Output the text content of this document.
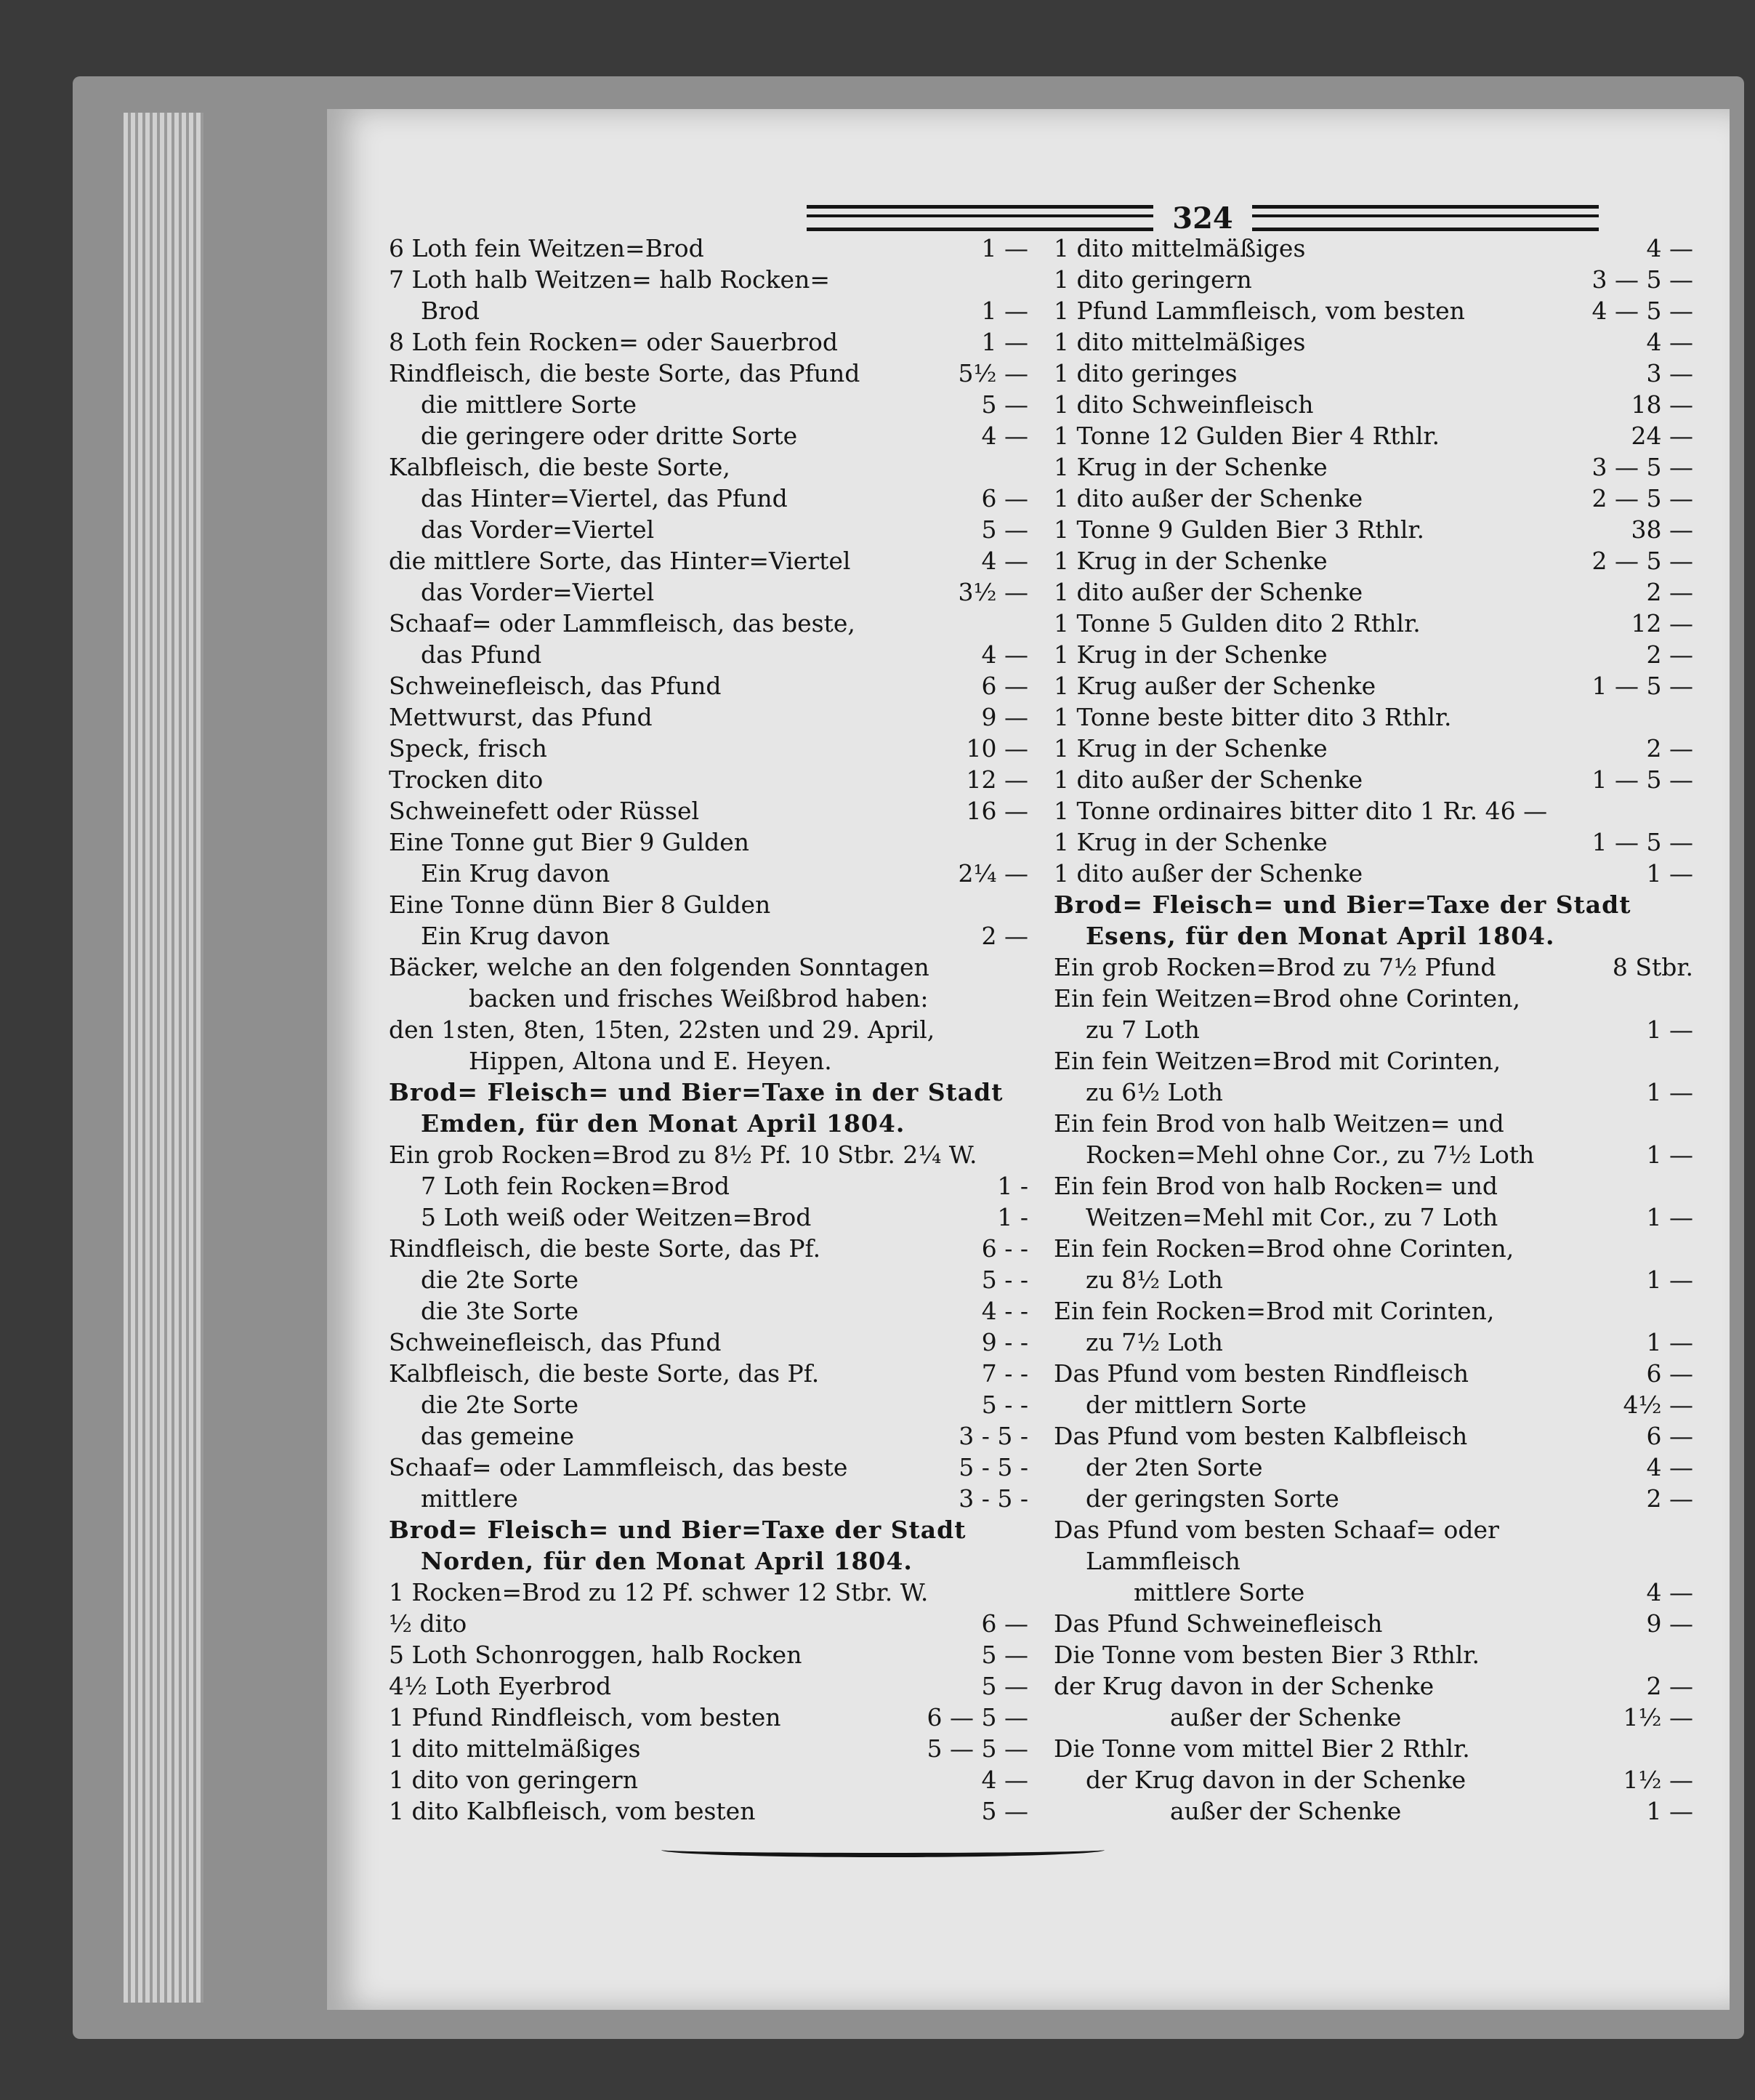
324
6 Loth fein Weitzen=Brod	1 —
7 Loth halb Weitzen= halb Rocken=
Brod	1 —
8 Loth fein Rocken= oder Sauerbrod	1 —
Rindfleisch, die beste Sorte, das Pfund	5½ —
die mittlere Sorte	5 —
die geringere oder dritte Sorte	4 —
Kalbfleisch, die beste Sorte,
das Hinter=Viertel, das Pfund	6 —
das Vorder=Viertel	5 —
die mittlere Sorte, das Hinter=Viertel	4 —
das Vorder=Viertel	3½ —
Schaaf= oder Lammfleisch, das beste,
das Pfund	4 —
Schweinefleisch, das Pfund	6 —
Mettwurst, das Pfund	9 —
Speck, frisch	10 —
Trocken dito	12 —
Schweinefett oder Rüssel	16 —
Eine Tonne gut Bier 9 Gulden
Ein Krug davon	2¼ —
Eine Tonne dünn Bier 8 Gulden
Ein Krug davon	2 —
Bäcker, welche an den folgenden Sonntagen
backen und frisches Weißbrod haben:
den 1sten, 8ten, 15ten, 22sten und 29. April,
Hippen, Altona und E. Heyen.
Brod= Fleisch= und Bier=Taxe in der Stadt
Emden, für den Monat April 1804.
Ein grob Rocken=Brod zu 8½ Pf. 10 Stbr. 2¼ W.
7 Loth fein Rocken=Brod	1 -
5 Loth weiß oder Weitzen=Brod	1 -
Rindfleisch, die beste Sorte, das Pf.	6 - -
die 2te Sorte	5 - -
die 3te Sorte	4 - -
Schweinefleisch, das Pfund	9 - -
Kalbfleisch, die beste Sorte, das Pf.	7 - -
die 2te Sorte	5 - -
das gemeine	3 - 5 -
Schaaf= oder Lammfleisch, das beste	5 - 5 -
mittlere	3 - 5 -
Brod= Fleisch= und Bier=Taxe der Stadt
Norden, für den Monat April 1804.
1 Rocken=Brod zu 12 Pf. schwer 12 Stbr. W.
½ dito	6 —
5 Loth Schonroggen, halb Rocken	5 —
4½ Loth Eyerbrod	5 —
1 Pfund Rindfleisch, vom besten	6 — 5 —
1 dito mittelmäßiges	5 — 5 —
1 dito von geringern	4 —
1 dito Kalbfleisch, vom besten	5 —
1 dito mittelmäßiges	4 —
1 dito geringern	3 — 5 —
1 Pfund Lammfleisch, vom besten	4 — 5 —
1 dito mittelmäßiges	4 —
1 dito geringes	3 —
1 dito Schweinfleisch	18 —
1 Tonne 12 Gulden Bier 4 Rthlr.	24 —
1 Krug in der Schenke	3 — 5 —
1 dito außer der Schenke	2 — 5 —
1 Tonne 9 Gulden Bier 3 Rthlr.	38 —
1 Krug in der Schenke	2 — 5 —
1 dito außer der Schenke	2 —
1 Tonne 5 Gulden dito 2 Rthlr.	12 —
1 Krug in der Schenke	2 —
1 Krug außer der Schenke	1 — 5 —
1 Tonne beste bitter dito 3 Rthlr.
1 Krug in der Schenke	2 —
1 dito außer der Schenke	1 — 5 —
1 Tonne ordinaires bitter dito 1 Rr. 46 —
1 Krug in der Schenke	1 — 5 —
1 dito außer der Schenke	1 —
Brod= Fleisch= und Bier=Taxe der Stadt
Esens, für den Monat April 1804.
Ein grob Rocken=Brod zu 7½ Pfund	8 Stbr.
Ein fein Weitzen=Brod ohne Corinten,
zu 7 Loth	1 —
Ein fein Weitzen=Brod mit Corinten,
zu 6½ Loth	1 —
Ein fein Brod von halb Weitzen= und
Rocken=Mehl ohne Cor., zu 7½ Loth	1 —
Ein fein Brod von halb Rocken= und
Weitzen=Mehl mit Cor., zu 7 Loth	1 —
Ein fein Rocken=Brod ohne Corinten,
zu 8½ Loth	1 —
Ein fein Rocken=Brod mit Corinten,
zu 7½ Loth	1 —
Das Pfund vom besten Rindfleisch	6 —
der mittlern Sorte	4½ —
Das Pfund vom besten Kalbfleisch	6 —
der 2ten Sorte	4 —
der geringsten Sorte	2 —
Das Pfund vom besten Schaaf= oder
Lammfleisch
mittlere Sorte	4 —
Das Pfund Schweinefleisch	9 —
Die Tonne vom besten Bier 3 Rthlr.
der Krug davon in der Schenke	2 —
außer der Schenke	1½ —
Die Tonne vom mittel Bier 2 Rthlr.
der Krug davon in der Schenke	1½ —
außer der Schenke	1 —
